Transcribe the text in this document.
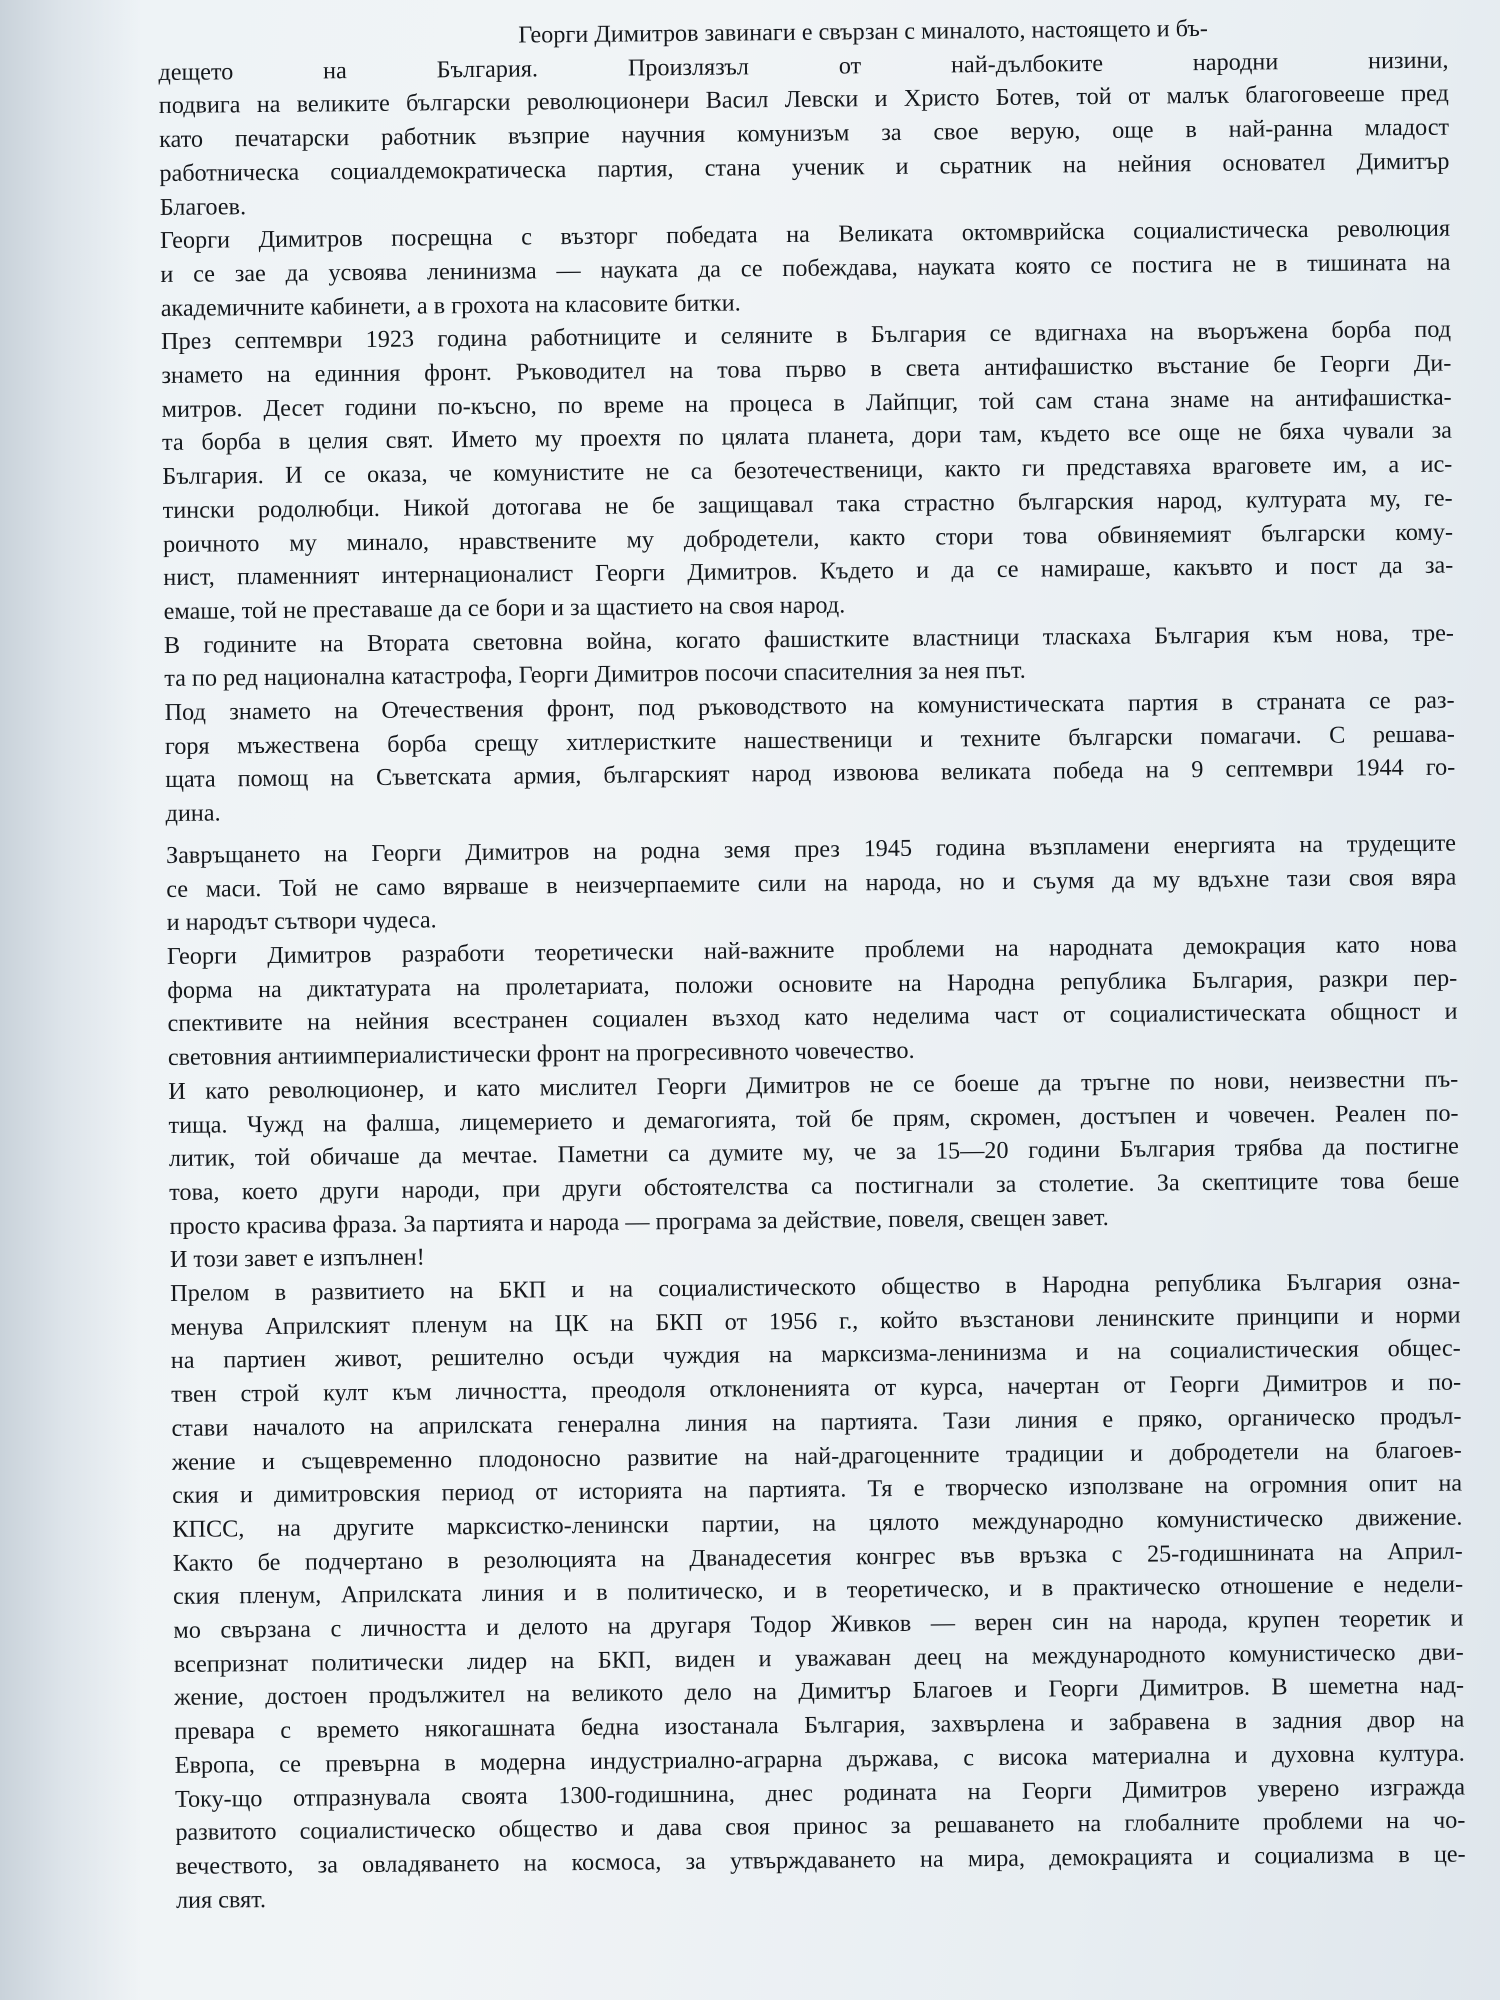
Георги Димитров завинаги е свързан с миналото, настоящето и бъ-
дещето на България. Произлязъл от най-дълбоките народни низини,
подвига на великите български революционери Васил Левски и Христо Ботев, той от малък благоговееше пред
като печатарски работник възприе научния комунизъм за свое верую, още в най-ранна младост
работническа социалдемократическа партия, стана ученик и сьратник на нейния основател Димитър
Благоев.
Георги Димитров посрещна с възторг победата на Великата октомврийска социалистическа революция
и се зае да усвоява ленинизма — науката да се побеждава, науката която се постига не в тишината на
академичните кабинети, а в грохота на класовите битки.
През септември 1923 година работниците и селяните в България се вдигнаха на въоръжена борба под
знамето на единния фронт. Ръководител на това първо в света антифашистко въстание бе Георги Ди-
митров. Десет години по-късно, по време на процеса в Лайпциг, той сам стана знаме на антифашистка-
та борба в целия свят. Името му проехтя по цялата планета, дори там, където все още не бяха чували за
България. И се оказа, че комунистите не са безотечественици, както ги представяха враговете им, а ис-
тински родолюбци. Никой дотогава не бе защищавал така страстно българския народ, културата му, ге-
роичното му минало, нравствените му добродетели, както стори това обвиняемият български кому-
нист, пламенният интернационалист Георги Димитров. Където и да се намираше, какъвто и пост да за-
емаше, той не преставаше да се бори и за щастието на своя народ.
В годините на Втората световна война, когато фашистките властници тласкаха България към нова, тре-
та по ред национална катастрофа, Георги Димитров посочи спасителния за нея път.
Под знамето на Отечествения фронт, под ръководството на комунистическата партия в страната се раз-
горя мъжествена борба срещу хитлеристките нашественици и техните български помагачи. С решава-
щата помощ на Съветската армия, българският народ извоюва великата победа на 9 септември 1944 го-
дина.
Завръщането на Георги Димитров на родна земя през 1945 година възпламени енергията на трудещите
се маси. Той не само вярваше в неизчерпаемите сили на народа, но и съумя да му вдъхне тази своя вяра
и народът сътвори чудеса.
Георги Димитров разработи теоретически най-важните проблеми на народната демокрация като нова
форма на диктатурата на пролетариата, положи основите на Народна република България, разкри пер-
спективите на нейния всестранен социален възход като неделима част от социалистическата общност и
световния антиимпериалистически фронт на прогресивното човечество.
И като революционер, и като мислител Георги Димитров не се боеше да тръгне по нови, неизвестни пъ-
тища. Чужд на фалша, лицемерието и демагогията, той бе прям, скромен, достъпен и човечен. Реален по-
литик, той обичаше да мечтае. Паметни са думите му, че за 15—20 години България трябва да постигне
това, което други народи, при други обстоятелства са постигнали за столетие. За скептиците това беше
просто красива фраза. За партията и народа — програма за действие, повеля, свещен завет.
И този завет е изпълнен!
Прелом в развитието на БКП и на социалистическото общество в Народна република България озна-
менува Априлският пленум на ЦК на БКП от 1956 г., който възстанови ленинските принципи и норми
на партиен живот, решително осъди чуждия на марксизма-ленинизма и на социалистическия общес-
твен строй култ към личността, преодоля отклоненията от курса, начертан от Георги Димитров и по-
стави началото на априлската генерална линия на партията. Тази линия е пряко, органическо продъл-
жение и същевременно плодоносно развитие на най-драгоценните традиции и добродетели на благоев-
ския и димитровския период от историята на партията. Тя е творческо използване на огромния опит на
КПСС, на другите марксистко-ленински партии, на цялото международно комунистическо движение.
Както бе подчертано в резолюцията на Дванадесетия конгрес във връзка с 25-годишнината на Април-
ския пленум, Априлската линия и в политическо, и в теоретическо, и в практическо отношение е недели-
мо свързана с личността и делото на другаря Тодор Живков — верен син на народа, крупен теоретик и
всепризнат политически лидер на БКП, виден и уважаван деец на международното комунистическо дви-
жение, достоен продължител на великото дело на Димитър Благоев и Георги Димитров. В шеметна над-
превара с времето някогашната бедна изостанала България, захвърлена и забравена в задния двор на
Европа, се превърна в модерна индустриално-аграрна държава, с висока материална и духовна култура.
Току-що отпразнувала своята 1300-годишнина, днес родината на Георги Димитров уверено изгражда
развитото социалистическо общество и дава своя принос за решаването на глобалните проблеми на чо-
вечеството, за овладяването на космоса, за утвърждаването на мира, демокрацията и социализма в це-
лия свят.
